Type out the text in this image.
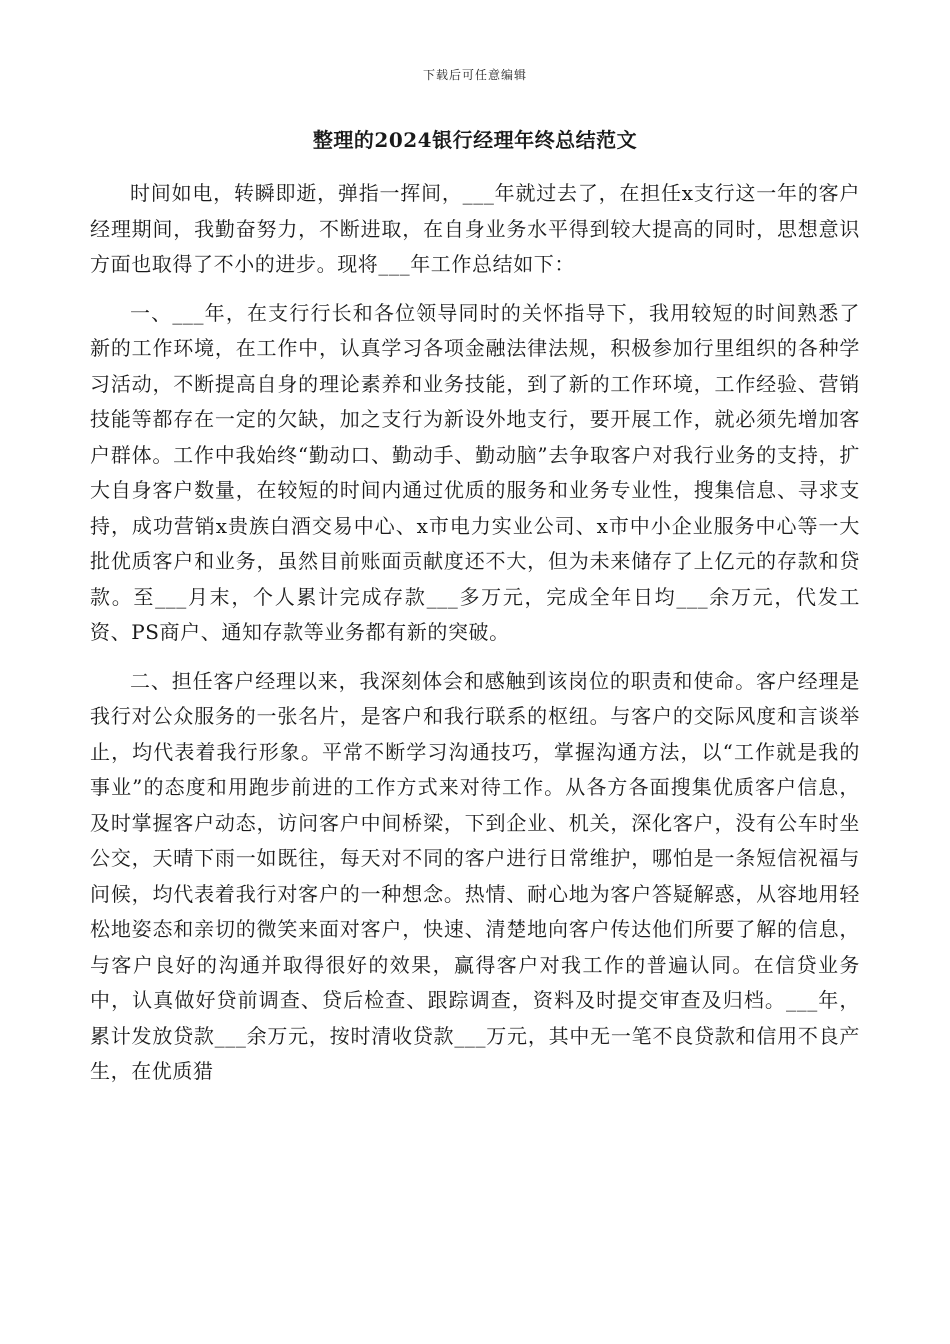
下载后可任意编辑
整理的2024银行经理年终总结范文

时间如电，转瞬即逝，弹指一挥间，___年就过去了，在担任x支行这一年的客户经理期间，我勤奋努力，不断进取，在自身业务水平得到较大提高的同时，思想意识方面也取得了不小的进步。现将___年工作总结如下：

一、___年，在支行行长和各位领导同时的关怀指导下，我用较短的时间熟悉了新的工作环境，在工作中，认真学习各项金融法律法规，积极参加行里组织的各种学习活动，不断提高自身的理论素养和业务技能，到了新的工作环境，工作经验、营销技能等都存在一定的欠缺，加之支行为新设外地支行，要开展工作，就必须先增加客户群体。工作中我始终“勤动口、勤动手、勤动脑”去争取客户对我行业务的支持，扩大自身客户数量，在较短的时间内通过优质的服务和业务专业性，搜集信息、寻求支持，成功营销x贵族白酒交易中心、x市电力实业公司、x市中小企业服务中心等一大批优质客户和业务，虽然目前账面贡献度还不大，但为未来储存了上亿元的存款和贷款。至___月末，个人累计完成存款___多万元，完成全年日均___余万元，代发工资、PS商户、通知存款等业务都有新的突破。

二、担任客户经理以来，我深刻体会和感触到该岗位的职责和使命。客户经理是我行对公众服务的一张名片，是客户和我行联系的枢纽。与客户的交际风度和言谈举止，均代表着我行形象。平常不断学习沟通技巧，掌握沟通方法，以“工作就是我的事业”的态度和用跑步前进的工作方式来对待工作。从各方各面搜集优质客户信息，及时掌握客户动态，访问客户中间桥梁，下到企业、机关，深化客户，没有公车时坐公交，天晴下雨一如既往，每天对不同的客户进行日常维护，哪怕是一条短信祝福与问候，均代表着我行对客户的一种想念。热情、耐心地为客户答疑解惑，从容地用轻松地姿态和亲切的微笑来面对客户，快速、清楚地向客户传达他们所要了解的信息，与客户良好的沟通并取得很好的效果，赢得客户对我工作的普遍认同。在信贷业务中，认真做好贷前调查、贷后检查、跟踪调查，资料及时提交审查及归档。___年，累计发放贷款___余万元，按时清收贷款___万元，其中无一笔不良贷款和信用不良产生，在优质猎
